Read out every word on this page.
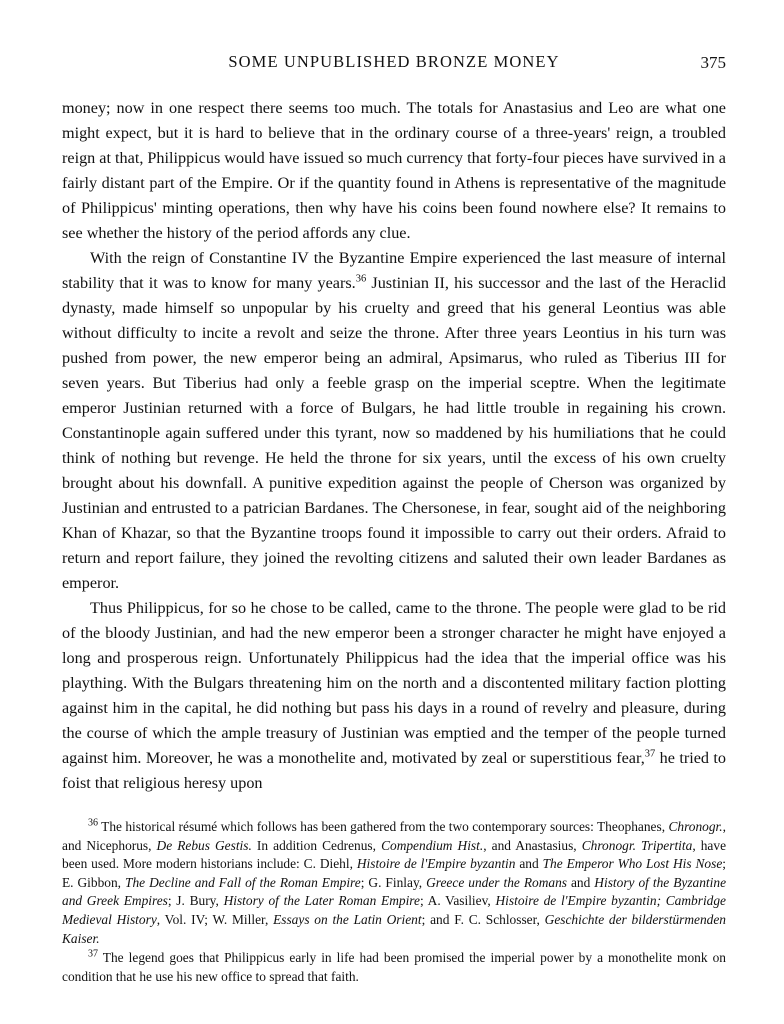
SOME UNPUBLISHED BRONZE MONEY	375

money; now in one respect there seems too much. The totals for Anastasius and Leo are what one might expect, but it is hard to believe that in the ordinary course of a three-years' reign, a troubled reign at that, Philippicus would have issued so much currency that forty-four pieces have survived in a fairly distant part of the Empire. Or if the quantity found in Athens is representative of the magnitude of Philippicus' minting operations, then why have his coins been found nowhere else? It remains to see whether the history of the period affords any clue.

With the reign of Constantine IV the Byzantine Empire experienced the last measure of internal stability that it was to know for many years.$^{36}$ Justinian II, his successor and the last of the Heraclid dynasty, made himself so unpopular by his cruelty and greed that his general Leontius was able without difficulty to incite a revolt and seize the throne. After three years Leontius in his turn was pushed from power, the new emperor being an admiral, Apsimarus, who ruled as Tiberius III for seven years. But Tiberius had only a feeble grasp on the imperial sceptre. When the legitimate emperor Justinian returned with a force of Bulgars, he had little trouble in regaining his crown. Constantinople again suffered under this tyrant, now so maddened by his humiliations that he could think of nothing but revenge. He held the throne for six years, until the excess of his own cruelty brought about his downfall. A punitive expedition against the people of Cherson was organized by Justinian and entrusted to a patrician Bardanes. The Chersonese, in fear, sought aid of the neighboring Khan of Khazar, so that the Byzantine troops found it impossible to carry out their orders. Afraid to return and report failure, they joined the revolting citizens and saluted their own leader Bardanes as emperor.

Thus Philippicus, for so he chose to be called, came to the throne. The people were glad to be rid of the bloody Justinian, and had the new emperor been a stronger character he might have enjoyed a long and prosperous reign. Unfortunately Philippicus had the idea that the imperial office was his plaything. With the Bulgars threatening him on the north and a discontented military faction plotting against him in the capital, he did nothing but pass his days in a round of revelry and pleasure, during the course of which the ample treasury of Justinian was emptied and the temper of the people turned against him. Moreover, he was a monothelite and, motivated by zeal or superstitious fear,$^{37}$ he tried to foist that religious heresy upon

$^{36}$ The historical résumé which follows has been gathered from the two contemporary sources: Theophanes, Chronogr., and Nicephorus, De Rebus Gestis. In addition Cedrenus, Compendium Hist., and Anastasius, Chronogr. Tripertita, have been used. More modern historians include: C. Diehl, Histoire de l'Empire byzantin and The Emperor Who Lost His Nose; E. Gibbon, The Decline and Fall of the Roman Empire; G. Finlay, Greece under the Romans and History of the Byzantine and Greek Empires; J. Bury, History of the Later Roman Empire; A. Vasiliev, Histoire de l'Empire byzantin; Cambridge Medieval History, Vol. IV; W. Miller, Essays on the Latin Orient; and F. C. Schlosser, Geschichte der bilderstürmenden Kaiser.

$^{37}$ The legend goes that Philippicus early in life had been promised the imperial power by a monothelite monk on condition that he use his new office to spread that faith.
